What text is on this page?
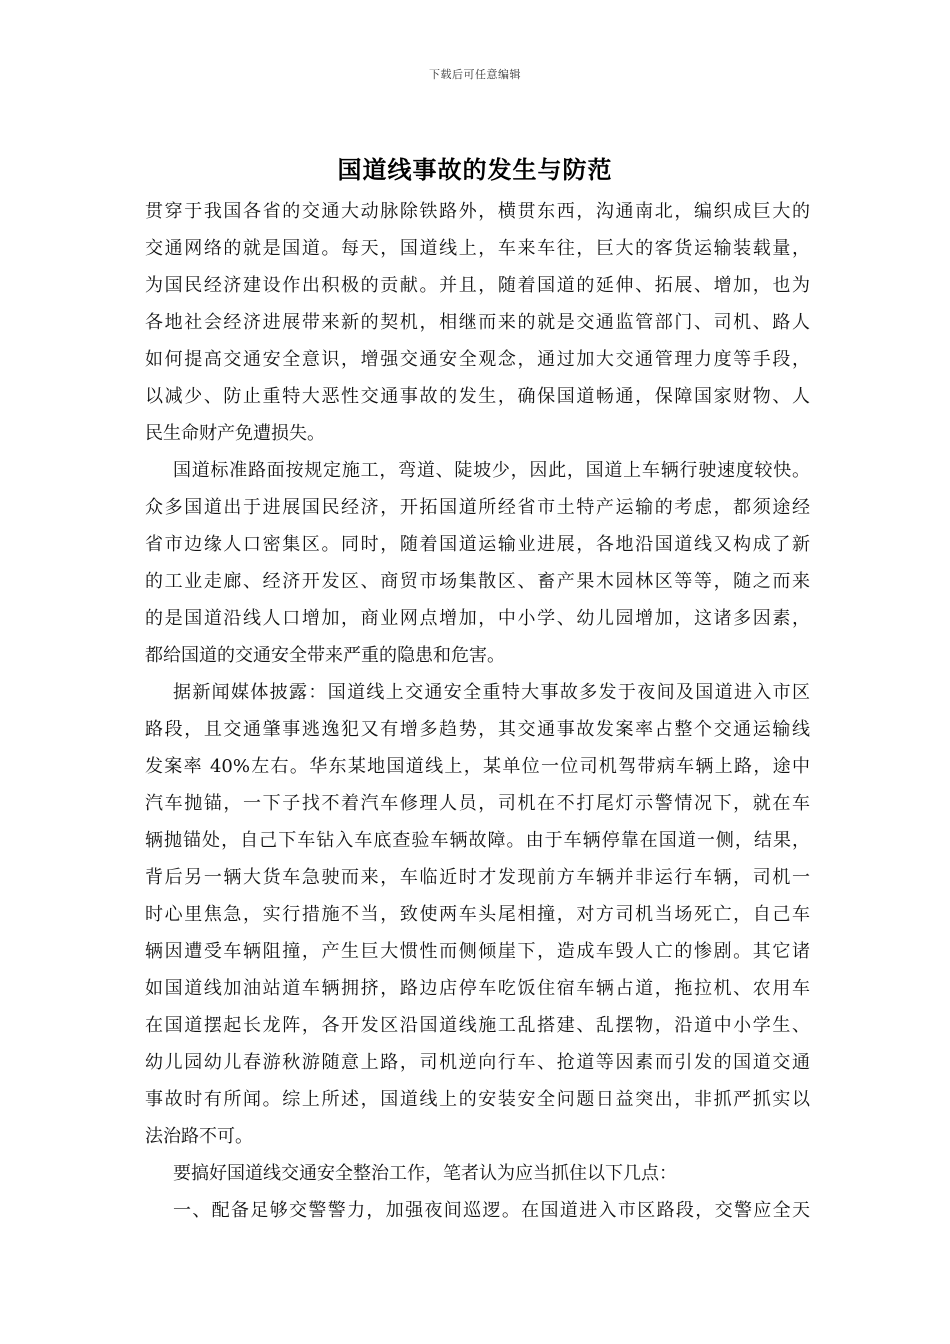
下载后可任意编辑
国道线事故的发生与防范
贯穿于我国各省的交通大动脉除铁路外，横贯东西，沟通南北，编织成巨大的
交通网络的就是国道。每天，国道线上，车来车往，巨大的客货运输装载量，
为国民经济建设作出积极的贡献。并且，随着国道的延伸、拓展、增加，也为
各地社会经济进展带来新的契机，相继而来的就是交通监管部门、司机、路人
如何提高交通安全意识，增强交通安全观念，通过加大交通管理力度等手段，
以减少、防止重特大恶性交通事故的发生，确保国道畅通，保障国家财物、人
民生命财产免遭损失。
国道标准路面按规定施工，弯道、陡坡少，因此，国道上车辆行驶速度较快。
众多国道出于进展国民经济，开拓国道所经省市土特产运输的考虑，都须途经
省市边缘人口密集区。同时，随着国道运输业进展，各地沿国道线又构成了新
的工业走廊、经济开发区、商贸市场集散区、畜产果木园林区等等，随之而来
的是国道沿线人口增加，商业网点增加，中小学、幼儿园增加，这诸多因素，
都给国道的交通安全带来严重的隐患和危害。
据新闻媒体披露：国道线上交通安全重特大事故多发于夜间及国道进入市区
路段，且交通肇事逃逸犯又有增多趋势，其交通事故发案率占整个交通运输线
发案率 40%左右。华东某地国道线上，某单位一位司机驾带病车辆上路，途中
汽车抛锚，一下子找不着汽车修理人员，司机在不打尾灯示警情况下，就在车
辆抛锚处，自己下车钻入车底查验车辆故障。由于车辆停靠在国道一侧，结果，
背后另一辆大货车急驶而来，车临近时才发现前方车辆并非运行车辆，司机一
时心里焦急，实行措施不当，致使两车头尾相撞，对方司机当场死亡，自己车
辆因遭受车辆阻撞，产生巨大惯性而侧倾崖下，造成车毁人亡的惨剧。其它诸
如国道线加油站道车辆拥挤，路边店停车吃饭住宿车辆占道，拖拉机、农用车
在国道摆起长龙阵，各开发区沿国道线施工乱搭建、乱摆物，沿道中小学生、
幼儿园幼儿春游秋游随意上路，司机逆向行车、抢道等因素而引发的国道交通
事故时有所闻。综上所述，国道线上的安装安全问题日益突出，非抓严抓实以
法治路不可。
要搞好国道线交通安全整治工作，笔者认为应当抓住以下几点：
一、配备足够交警警力，加强夜间巡逻。在国道进入市区路段，交警应全天
